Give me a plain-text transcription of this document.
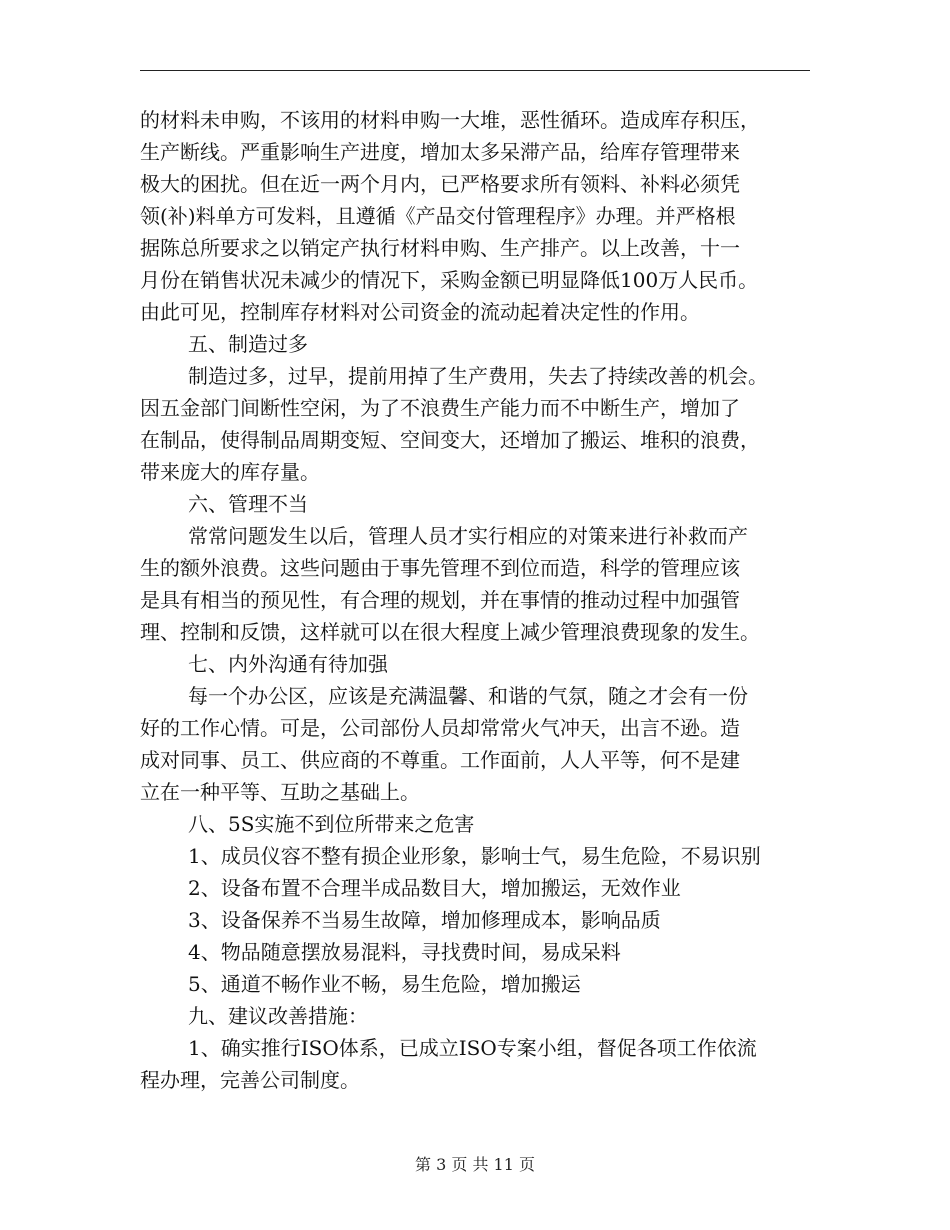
的材料未申购，不该用的材料申购一大堆，恶性循环。造成库存积压，
生产断线。严重影响生产进度，增加太多呆滞产品，给库存管理带来
极大的困扰。但在近一两个月内，已严格要求所有领料、补料必须凭
领(补)料单方可发料，且遵循《产品交付管理程序》办理。并严格根
据陈总所要求之以销定产执行材料申购、生产排产。以上改善，十一
月份在销售状况未减少的情况下，采购金额已明显降低100万人民币。
由此可见，控制库存材料对公司资金的流动起着决定性的作用。
五、制造过多
制造过多，过早，提前用掉了生产费用，失去了持续改善的机会。
因五金部门间断性空闲，为了不浪费生产能力而不中断生产，增加了
在制品，使得制品周期变短、空间变大，还增加了搬运、堆积的浪费，
带来庞大的库存量。
六、管理不当
常常问题发生以后，管理人员才实行相应的对策来进行补救而产
生的额外浪费。这些问题由于事先管理不到位而造，科学的管理应该
是具有相当的预见性，有合理的规划，并在事情的推动过程中加强管
理、控制和反馈，这样就可以在很大程度上减少管理浪费现象的发生。
七、内外沟通有待加强
每一个办公区，应该是充满温馨、和谐的气氛，随之才会有一份
好的工作心情。可是，公司部份人员却常常火气冲天，出言不逊。造
成对同事、员工、供应商的不尊重。工作面前，人人平等，何不是建
立在一种平等、互助之基础上。
八、5S实施不到位所带来之危害
1、成员仪容不整有损企业形象，影响士气，易生危险，不易识别
2、设备布置不合理半成品数目大，增加搬运，无效作业
3、设备保养不当易生故障，增加修理成本，影响品质
4、物品随意摆放易混料，寻找费时间，易成呆料
5、通道不畅作业不畅，易生危险，增加搬运
九、建议改善措施：
1、确实推行ISO体系，已成立ISO专案小组，督促各项工作依流
程办理，完善公司制度。
第 3 页 共 11 页
